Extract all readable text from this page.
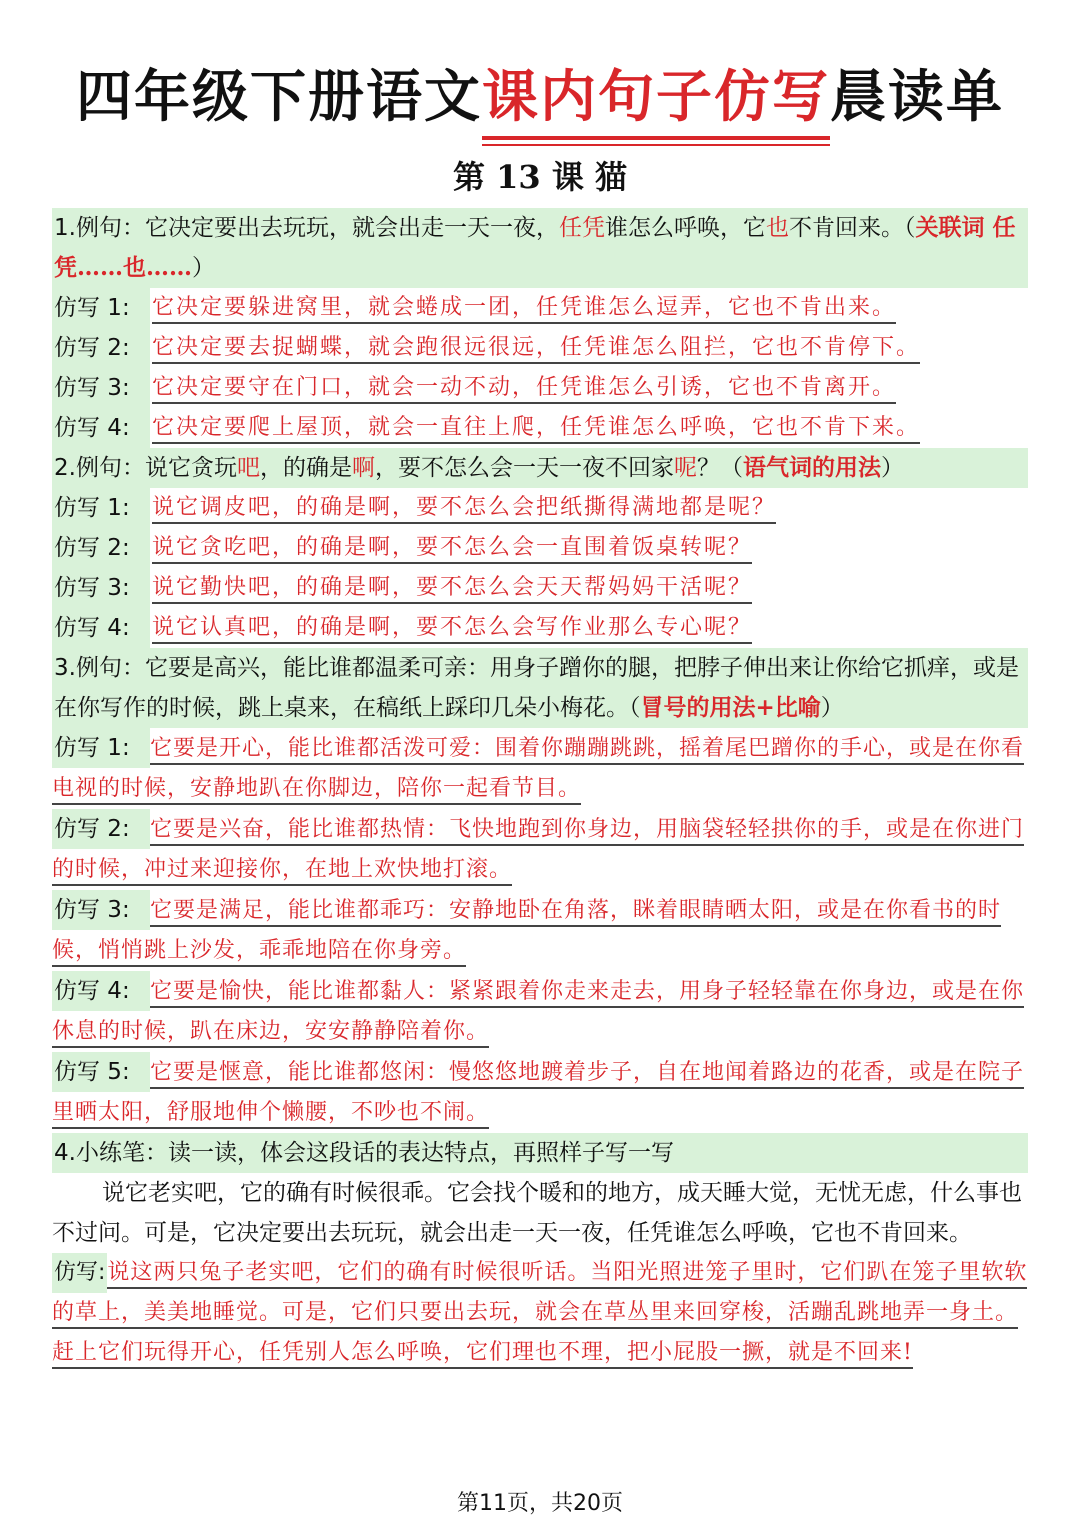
四年级下册语文课内句子仿写晨读单
第 13 课 猫
1.例句：它决定要出去玩玩，就会出走一天一夜，任凭谁怎么呼唤，它也不肯回来。（关联词 任凭……也……）
仿写 1:	它决定要躲进窝里，就会蜷成一团，任凭谁怎么逗弄，它也不肯出来。
仿写 2:	它决定要去捉蝴蝶，就会跑很远很远，任凭谁怎么阻拦，它也不肯停下。
仿写 3:	它决定要守在门口，就会一动不动，任凭谁怎么引诱，它也不肯离开。
仿写 4:	它决定要爬上屋顶，就会一直往上爬，任凭谁怎么呼唤，它也不肯下来。
2.例句：说它贪玩吧，的确是啊，要不怎么会一天一夜不回家呢？（语气词的用法）
仿写 1:	说它调皮吧，的确是啊，要不怎么会把纸撕得满地都是呢？
仿写 2:	说它贪吃吧，的确是啊，要不怎么会一直围着饭桌转呢？
仿写 3:	说它勤快吧，的确是啊，要不怎么会天天帮妈妈干活呢？
仿写 4:	说它认真吧，的确是啊，要不怎么会写作业那么专心呢？
3.例句：它要是高兴，能比谁都温柔可亲：用身子蹭你的腿，把脖子伸出来让你给它抓痒，或是在你写作的时候，跳上桌来，在稿纸上踩印几朵小梅花。（冒号的用法+比喻）
仿写 1: 它要是开心，能比谁都活泼可爱：围着你蹦蹦跳跳，摇着尾巴蹭你的手心，或是在你看电视的时候，安静地趴在你脚边，陪你一起看节目。
仿写 2: 它要是兴奋，能比谁都热情：飞快地跑到你身边，用脑袋轻轻拱你的手，或是在你进门的时候，冲过来迎接你，在地上欢快地打滚。
仿写 3: 它要是满足，能比谁都乖巧：安静地卧在角落，眯着眼睛晒太阳，或是在你看书的时候，悄悄跳上沙发，乖乖地陪在你身旁。
仿写 4: 它要是愉快，能比谁都黏人：紧紧跟着你走来走去，用身子轻轻靠在你身边，或是在你休息的时候，趴在床边，安安静静陪着你。
仿写 5: 它要是惬意，能比谁都悠闲：慢悠悠地踱着步子，自在地闻着路边的花香，或是在院子里晒太阳，舒服地伸个懒腰，不吵也不闹。
4.小练笔：读一读，体会这段话的表达特点，再照样子写一写
说它老实吧，它的确有时候很乖。它会找个暖和的地方，成天睡大觉，无忧无虑，什么事也不过问。可是，它决定要出去玩玩，就会出走一天一夜，任凭谁怎么呼唤，它也不肯回来。
仿写:说这两只兔子老实吧，它们的确有时候很听话。当阳光照进笼子里时，它们趴在笼子里软软的草上，美美地睡觉。可是，它们只要出去玩，就会在草丛里来回穿梭，活蹦乱跳地弄一身土。赶上它们玩得开心，任凭别人怎么呼唤，它们理也不理，把小屁股一撅，就是不回来!
第11页，共20页
